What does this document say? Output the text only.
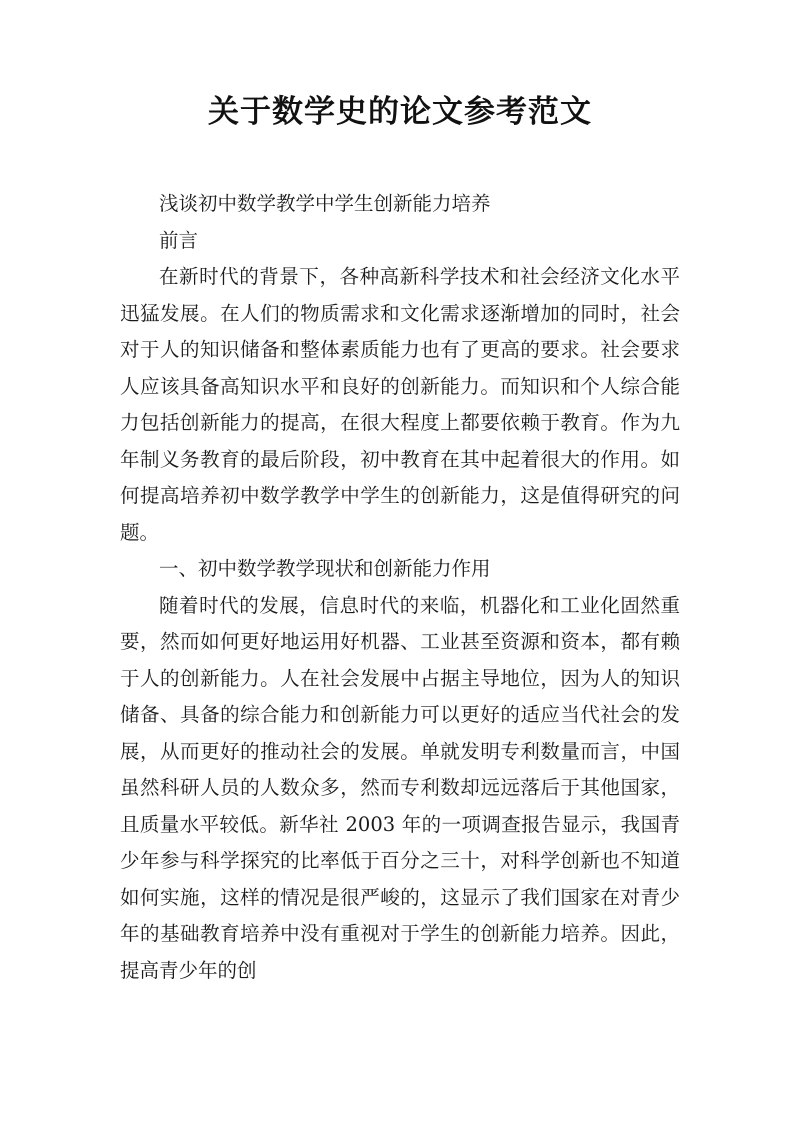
关于数学史的论文参考范文

浅谈初中数学教学中学生创新能力培养

前言

在新时代的背景下，各种高新科学技术和社会经济文化水平迅猛发展。在人们的物质需求和文化需求逐渐增加的同时，社会对于人的知识储备和整体素质能力也有了更高的要求。社会要求人应该具备高知识水平和良好的创新能力。而知识和个人综合能力包括创新能力的提高，在很大程度上都要依赖于教育。作为九年制义务教育的最后阶段，初中教育在其中起着很大的作用。如何提高培养初中数学教学中学生的创新能力，这是值得研究的问题。

一、初中数学教学现状和创新能力作用

随着时代的发展，信息时代的来临，机器化和工业化固然重要，然而如何更好地运用好机器、工业甚至资源和资本，都有赖于人的创新能力。人在社会发展中占据主导地位，因为人的知识储备、具备的综合能力和创新能力可以更好的适应当代社会的发展，从而更好的推动社会的发展。单就发明专利数量而言，中国虽然科研人员的人数众多，然而专利数却远远落后于其他国家，且质量水平较低。新华社 2003 年的一项调查报告显示，我国青少年参与科学探究的比率低于百分之三十，对科学创新也不知道如何实施，这样的情况是很严峻的，这显示了我们国家在对青少年的基础教育培养中没有重视对于学生的创新能力培养。因此，提高青少年的创
